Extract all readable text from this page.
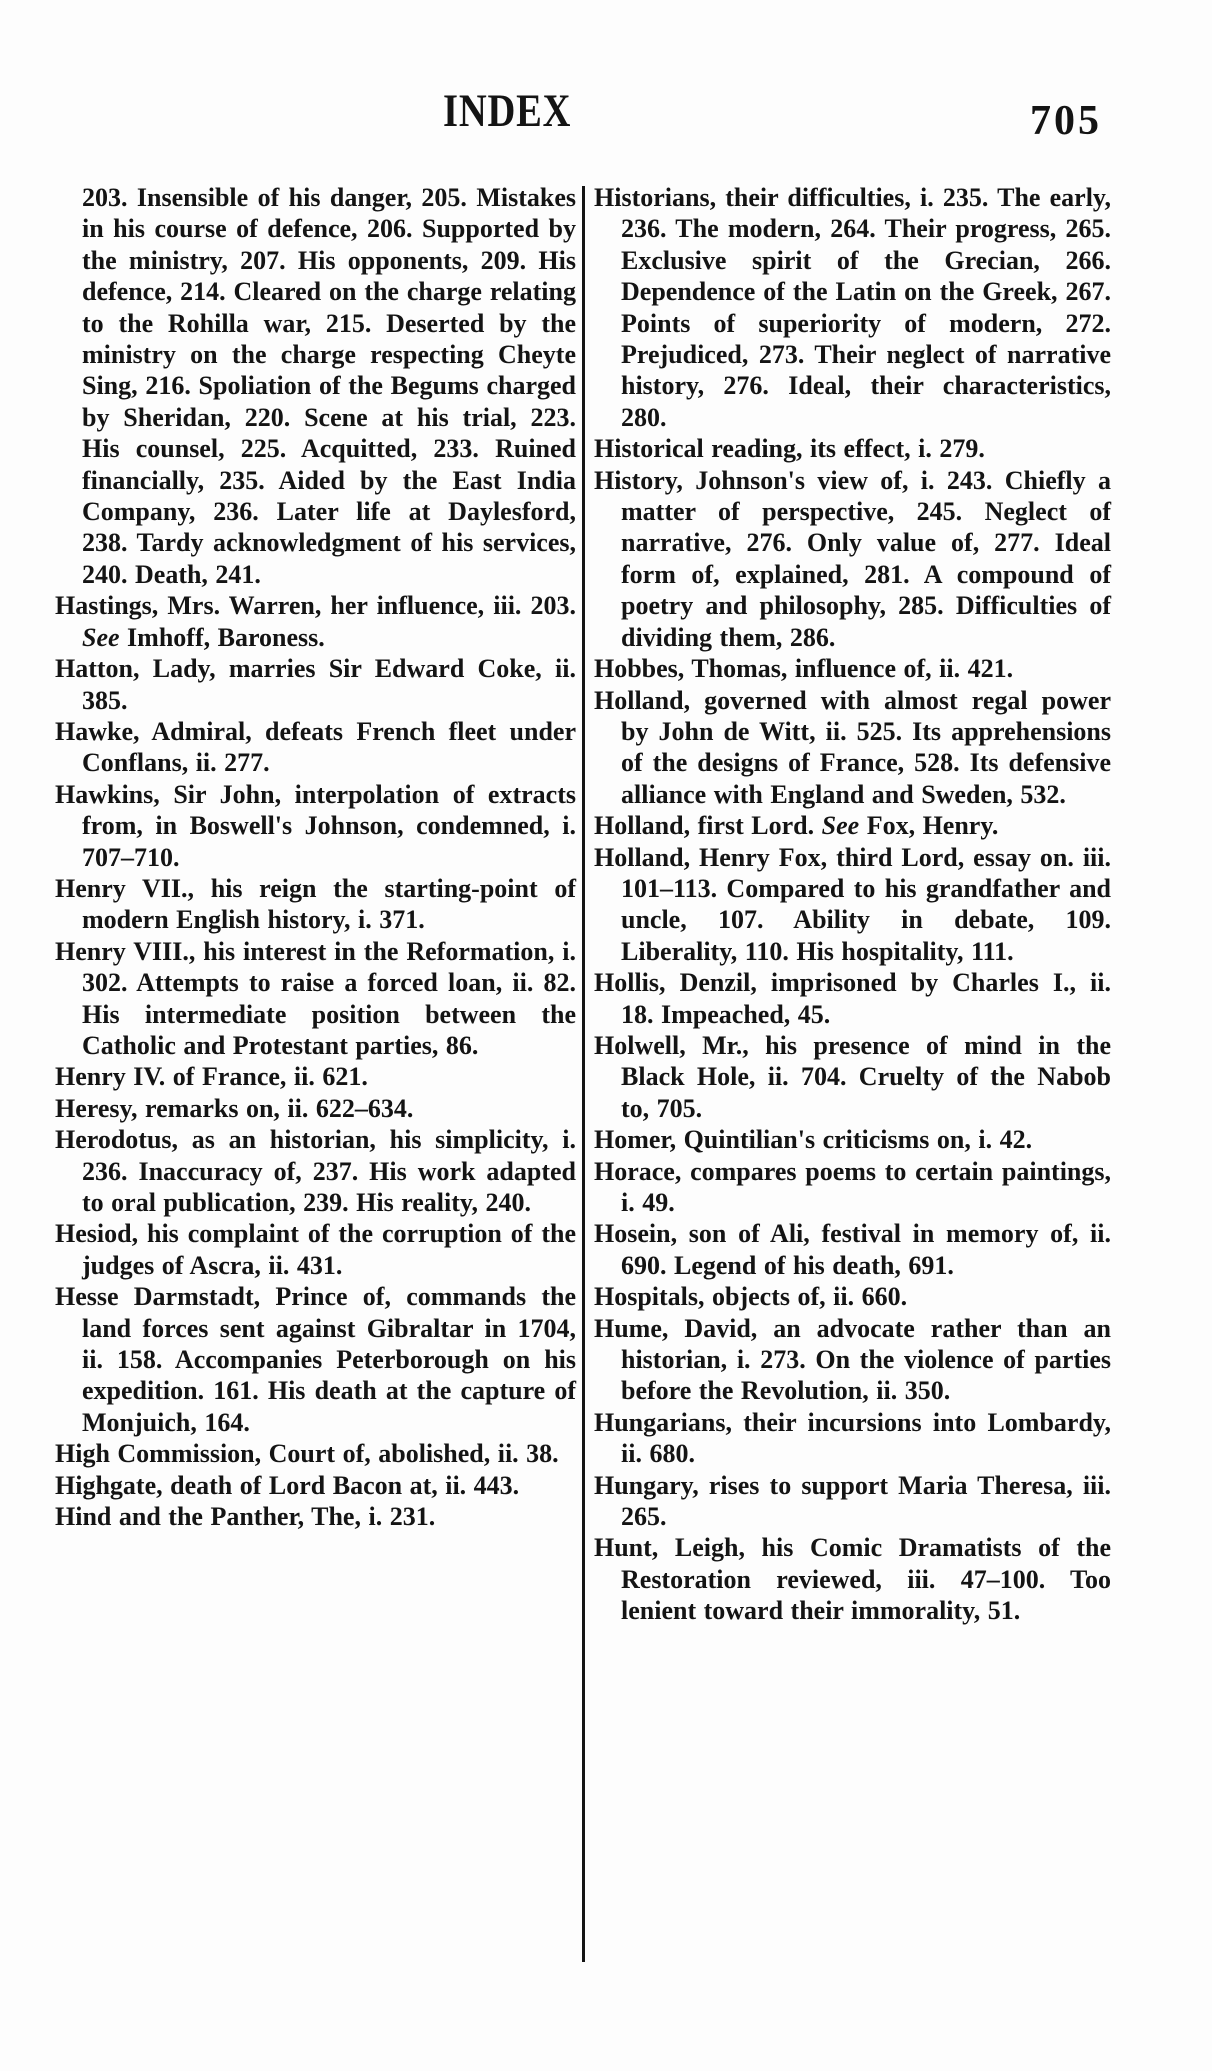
INDEX	705

203. Insensible of his danger, 205. Mistakes in his course of defence, 206. Supported by the ministry, 207. His opponents, 209. His defence, 214. Cleared on the charge relating to the Rohilla war, 215. Deserted by the ministry on the charge respecting Cheyte Sing, 216. Spoliation of the Begums charged by Sheridan, 220. Scene at his trial, 223. His counsel, 225. Acquitted, 233. Ruined financially, 235. Aided by the East India Company, 236. Later life at Daylesford, 238. Tardy acknowledgment of his services, 240. Death, 241.

Hastings, Mrs. Warren, her influence, iii. 203. See Imhoff, Baroness.

Hatton, Lady, marries Sir Edward Coke, ii. 385.

Hawke, Admiral, defeats French fleet under Conflans, ii. 277.

Hawkins, Sir John, interpolation of extracts from, in Boswell's Johnson, condemned, i. 707–710.

Henry VII., his reign the starting-point of modern English history, i. 371.

Henry VIII., his interest in the Reformation, i. 302. Attempts to raise a forced loan, ii. 82. His intermediate position between the Catholic and Protestant parties, 86.

Henry IV. of France, ii. 621.

Heresy, remarks on, ii. 622–634.

Herodotus, as an historian, his simplicity, i. 236. Inaccuracy of, 237. His work adapted to oral publication, 239. His reality, 240.

Hesiod, his complaint of the corruption of the judges of Ascra, ii. 431.

Hesse Darmstadt, Prince of, commands the land forces sent against Gibraltar in 1704, ii. 158. Accompanies Peterborough on his expedition. 161. His death at the capture of Monjuich, 164.

High Commission, Court of, abolished, ii. 38.

Highgate, death of Lord Bacon at, ii. 443.

Hind and the Panther, The, i. 231.

Historians, their difficulties, i. 235. The early, 236. The modern, 264. Their progress, 265. Exclusive spirit of the Grecian, 266. Dependence of the Latin on the Greek, 267. Points of superiority of modern, 272. Prejudiced, 273. Their neglect of narrative history, 276. Ideal, their characteristics, 280.

Historical reading, its effect, i. 279.

History, Johnson's view of, i. 243. Chiefly a matter of perspective, 245. Neglect of narrative, 276. Only value of, 277. Ideal form of, explained, 281. A compound of poetry and philosophy, 285. Difficulties of dividing them, 286.

Hobbes, Thomas, influence of, ii. 421.

Holland, governed with almost regal power by John de Witt, ii. 525. Its apprehensions of the designs of France, 528. Its defensive alliance with England and Sweden, 532.

Holland, first Lord. See Fox, Henry.

Holland, Henry Fox, third Lord, essay on. iii. 101–113. Compared to his grandfather and uncle, 107. Ability in debate, 109. Liberality, 110. His hospitality, 111.

Hollis, Denzil, imprisoned by Charles I., ii. 18. Impeached, 45.

Holwell, Mr., his presence of mind in the Black Hole, ii. 704. Cruelty of the Nabob to, 705.

Homer, Quintilian's criticisms on, i. 42.

Horace, compares poems to certain paintings, i. 49.

Hosein, son of Ali, festival in memory of, ii. 690. Legend of his death, 691.

Hospitals, objects of, ii. 660.

Hume, David, an advocate rather than an historian, i. 273. On the violence of parties before the Revolution, ii. 350.

Hungarians, their incursions into Lombardy, ii. 680.

Hungary, rises to support Maria Theresa, iii. 265.

Hunt, Leigh, his Comic Dramatists of the Restoration reviewed, iii. 47–100. Too lenient toward their immorality, 51.
